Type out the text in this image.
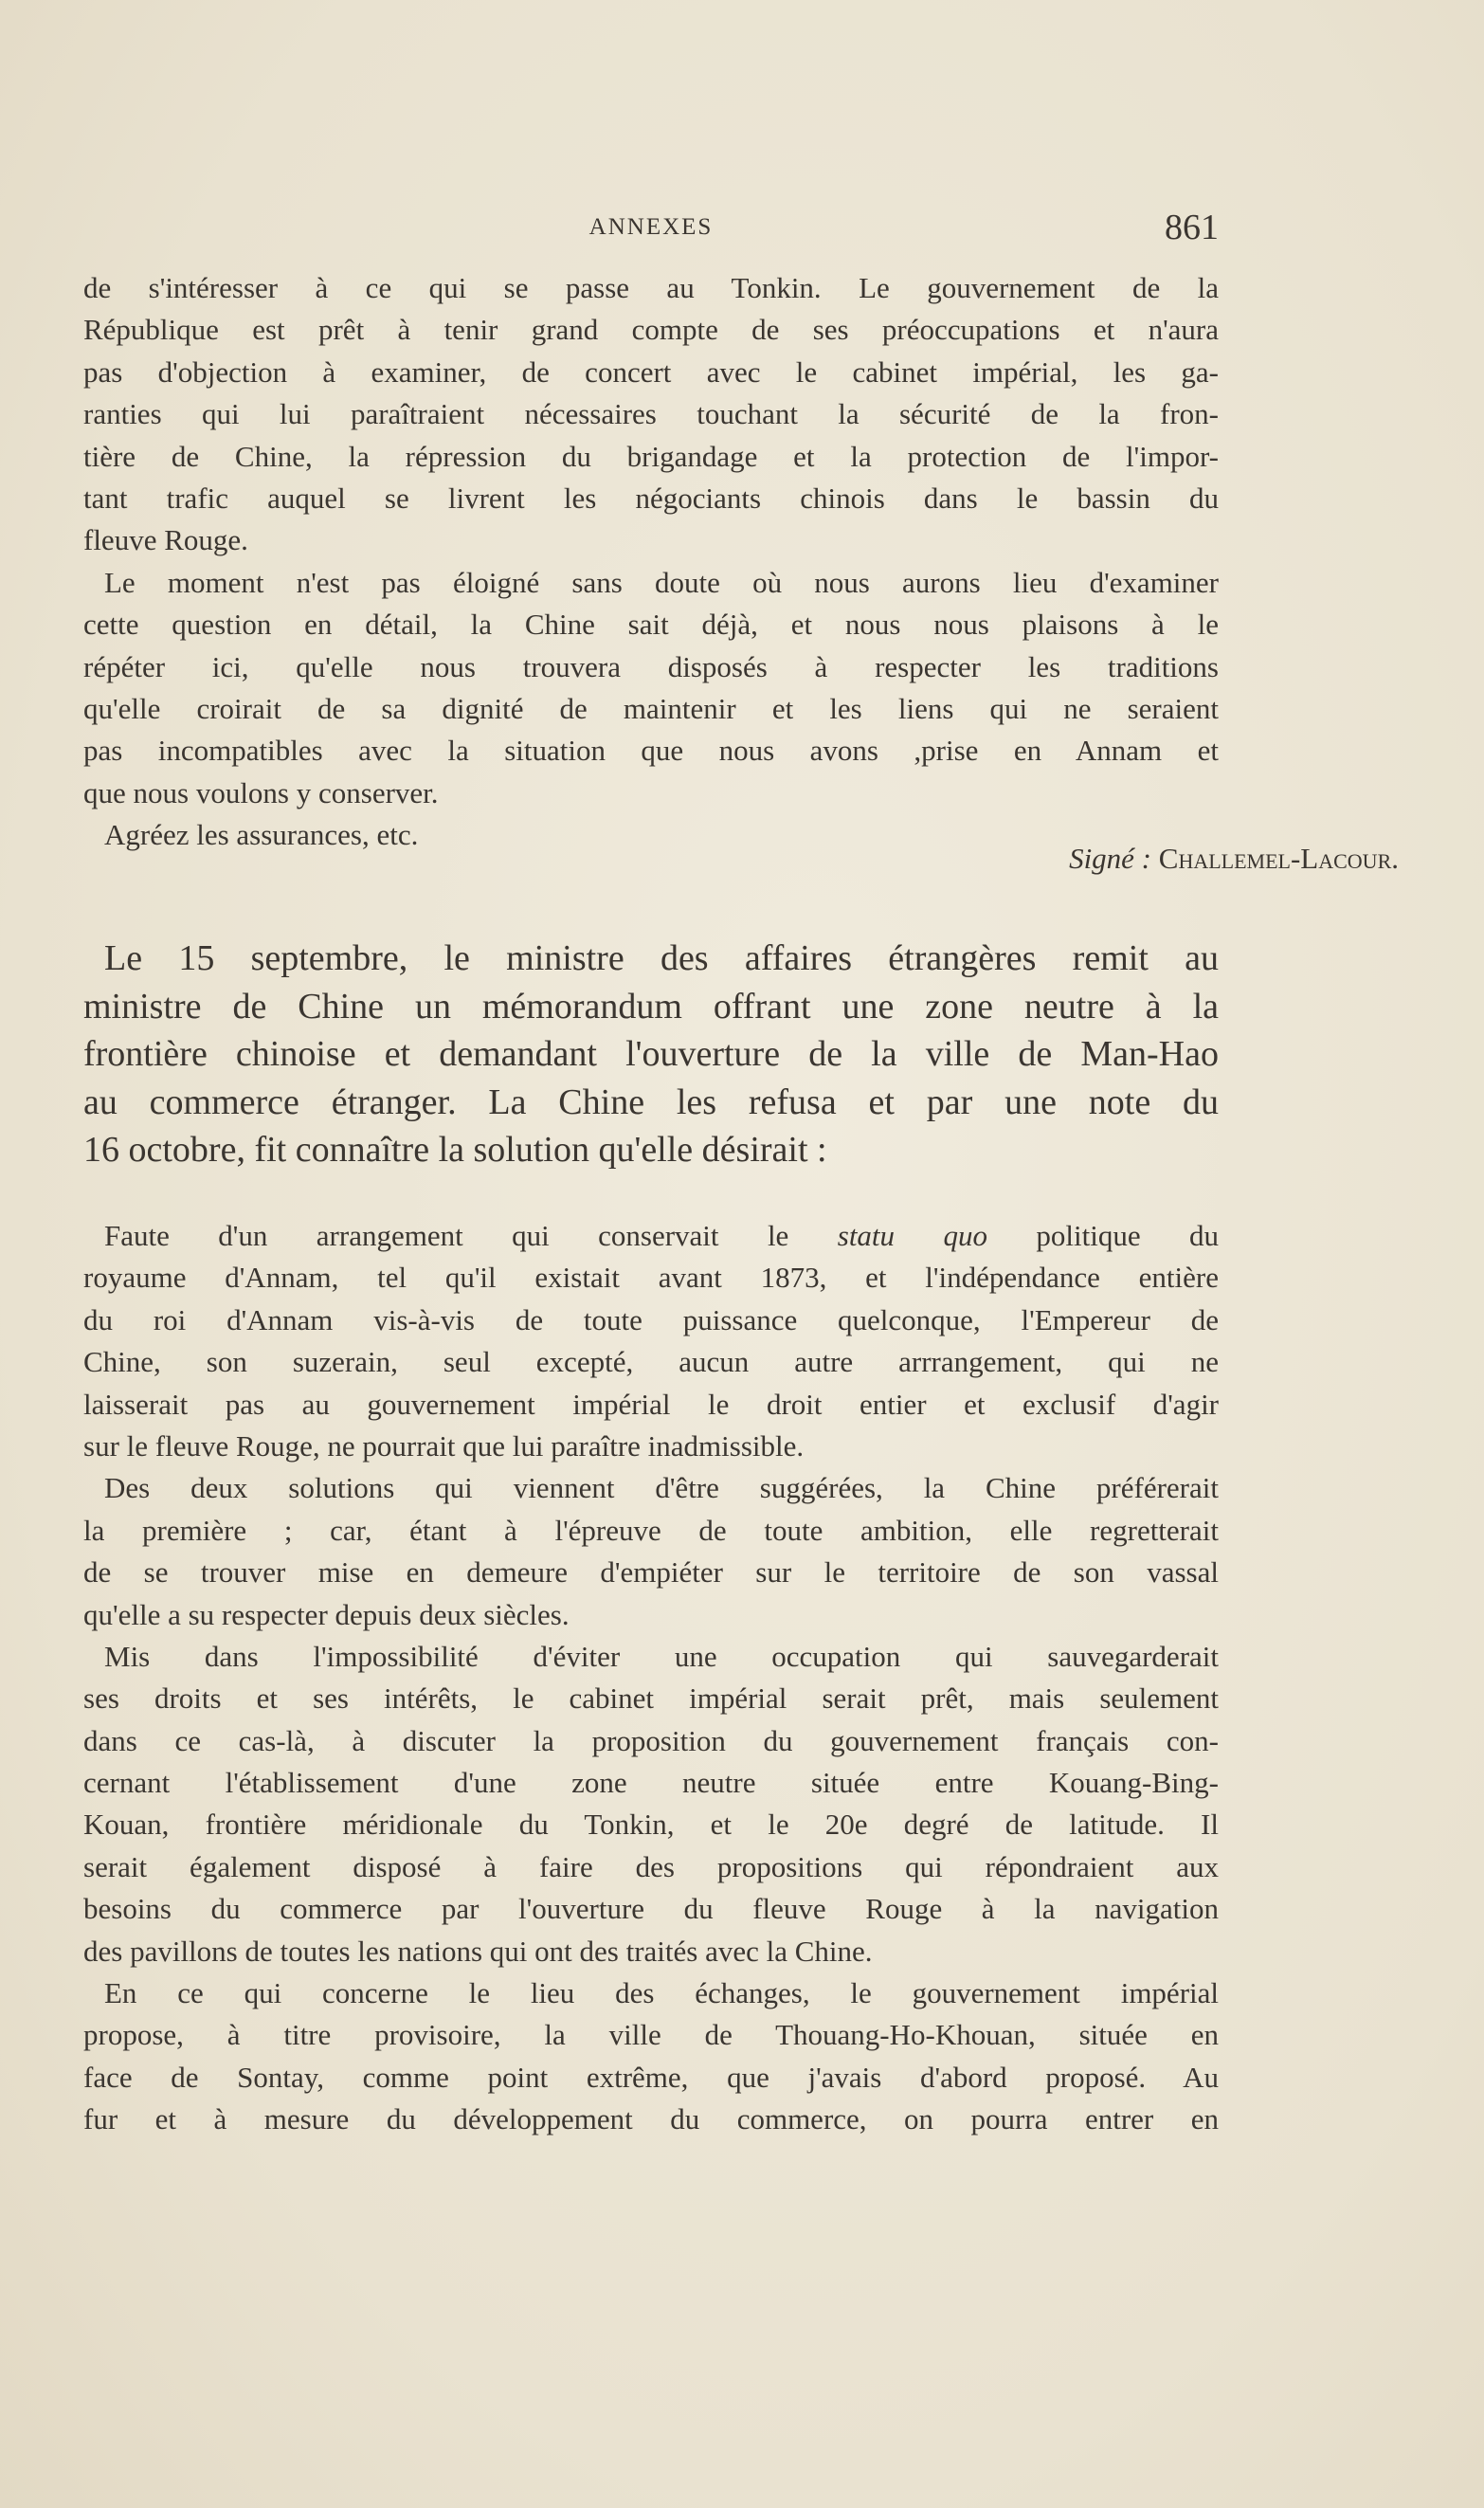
ANNEXES	861
de s'intéresser à ce qui se passe au Tonkin. Le gouvernement de la
République est prêt à tenir grand compte de ses préoccupations et n'aura
pas d'objection à examiner, de concert avec le cabinet impérial, les ga-
ranties qui lui paraîtraient nécessaires touchant la sécurité de la fron-
tière de Chine, la répression du brigandage et la protection de l'impor-
tant trafic auquel se livrent les négociants chinois dans le bassin du
fleuve Rouge.
Le moment n'est pas éloigné sans doute où nous aurons lieu d'examiner
cette question en détail, la Chine sait déjà, et nous nous plaisons à le
répéter ici, qu'elle nous trouvera disposés à respecter les traditions
qu'elle croirait de sa dignité de maintenir et les liens qui ne seraient
pas incompatibles avec la situation que nous avons ,prise en Annam et
que nous voulons y conserver.
Agréez les assurances, etc.
Signé : Challemel-Lacour.
Le 15 septembre, le ministre des affaires étrangères remit au
ministre de Chine un mémorandum offrant une zone neutre à la
frontière chinoise et demandant l'ouverture de la ville de Man-Hao
au commerce étranger. La Chine les refusa et par une note du
16 octobre, fit connaître la solution qu'elle désirait :
Faute d'un arrangement qui conservait le statu quo politique du
royaume d'Annam, tel qu'il existait avant 1873, et l'indépendance entière
du roi d'Annam vis-à-vis de toute puissance quelconque, l'Empereur de
Chine, son suzerain, seul excepté, aucun autre arrrangement, qui ne
laisserait pas au gouvernement impérial le droit entier et exclusif d'agir
sur le fleuve Rouge, ne pourrait que lui paraître inadmissible.
Des deux solutions qui viennent d'être suggérées, la Chine préférerait
la première ; car, étant à l'épreuve de toute ambition, elle regretterait
de se trouver mise en demeure d'empiéter sur le territoire de son vassal
qu'elle a su respecter depuis deux siècles.
Mis dans l'impossibilité d'éviter une occupation qui sauvegarderait
ses droits et ses intérêts, le cabinet impérial serait prêt, mais seulement
dans ce cas-là, à discuter la proposition du gouvernement français con-
cernant l'établissement d'une zone neutre située entre Kouang-Bing-
Kouan, frontière méridionale du Tonkin, et le 20e degré de latitude. Il
serait également disposé à faire des propositions qui répondraient aux
besoins du commerce par l'ouverture du fleuve Rouge à la navigation
des pavillons de toutes les nations qui ont des traités avec la Chine.
En ce qui concerne le lieu des échanges, le gouvernement impérial
propose, à titre provisoire, la ville de Thouang-Ho-Khouan, située en
face de Sontay, comme point extrême, que j'avais d'abord proposé. Au
fur et à mesure du développement du commerce, on pourra entrer en
